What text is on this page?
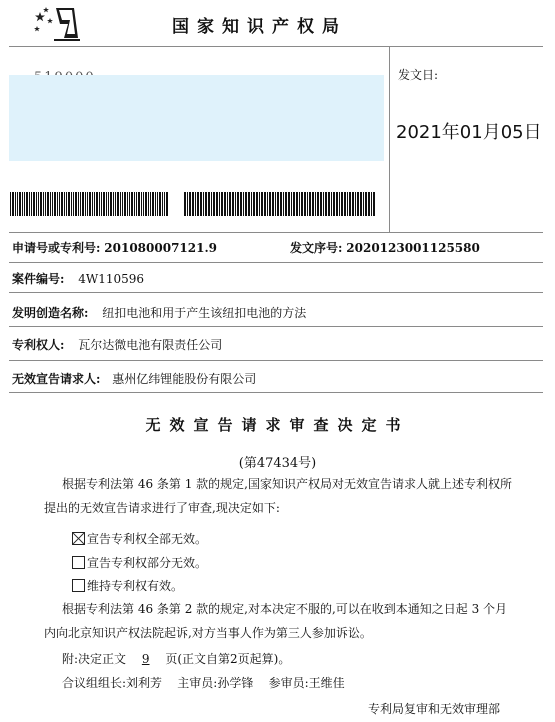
国家知识产权局
发文日:
2021年01月05日
申请号或专利号: 201080007121.9	发文序号: 2020123001125580
案件编号: 4W110596
发明创造名称: 纽扣电池和用于产生该纽扣电池的方法
专利权人: 瓦尔达微电池有限责任公司
无效宣告请求人: 惠州亿纬锂能股份有限公司
无效宣告请求审查决定书
(第47434号)
根据专利法第 46 条第 1 款的规定,国家知识产权局对无效宣告请求人就上述专利权所
提出的无效宣告请求进行了审查,现决定如下:
宣告专利权全部无效。
宣告专利权部分无效。
维持专利权有效。
根据专利法第 46 条第 2 款的规定,对本决定不服的,可以在收到本通知之日起 3 个月
内向北京知识产权法院起诉,对方当事人作为第三人参加诉讼。
附:决定正文 9 页(正文自第2页起算)。
合议组组长:刘利芳    主审员:孙学锋    参审员:王维佳
专利局复审和无效审理部
